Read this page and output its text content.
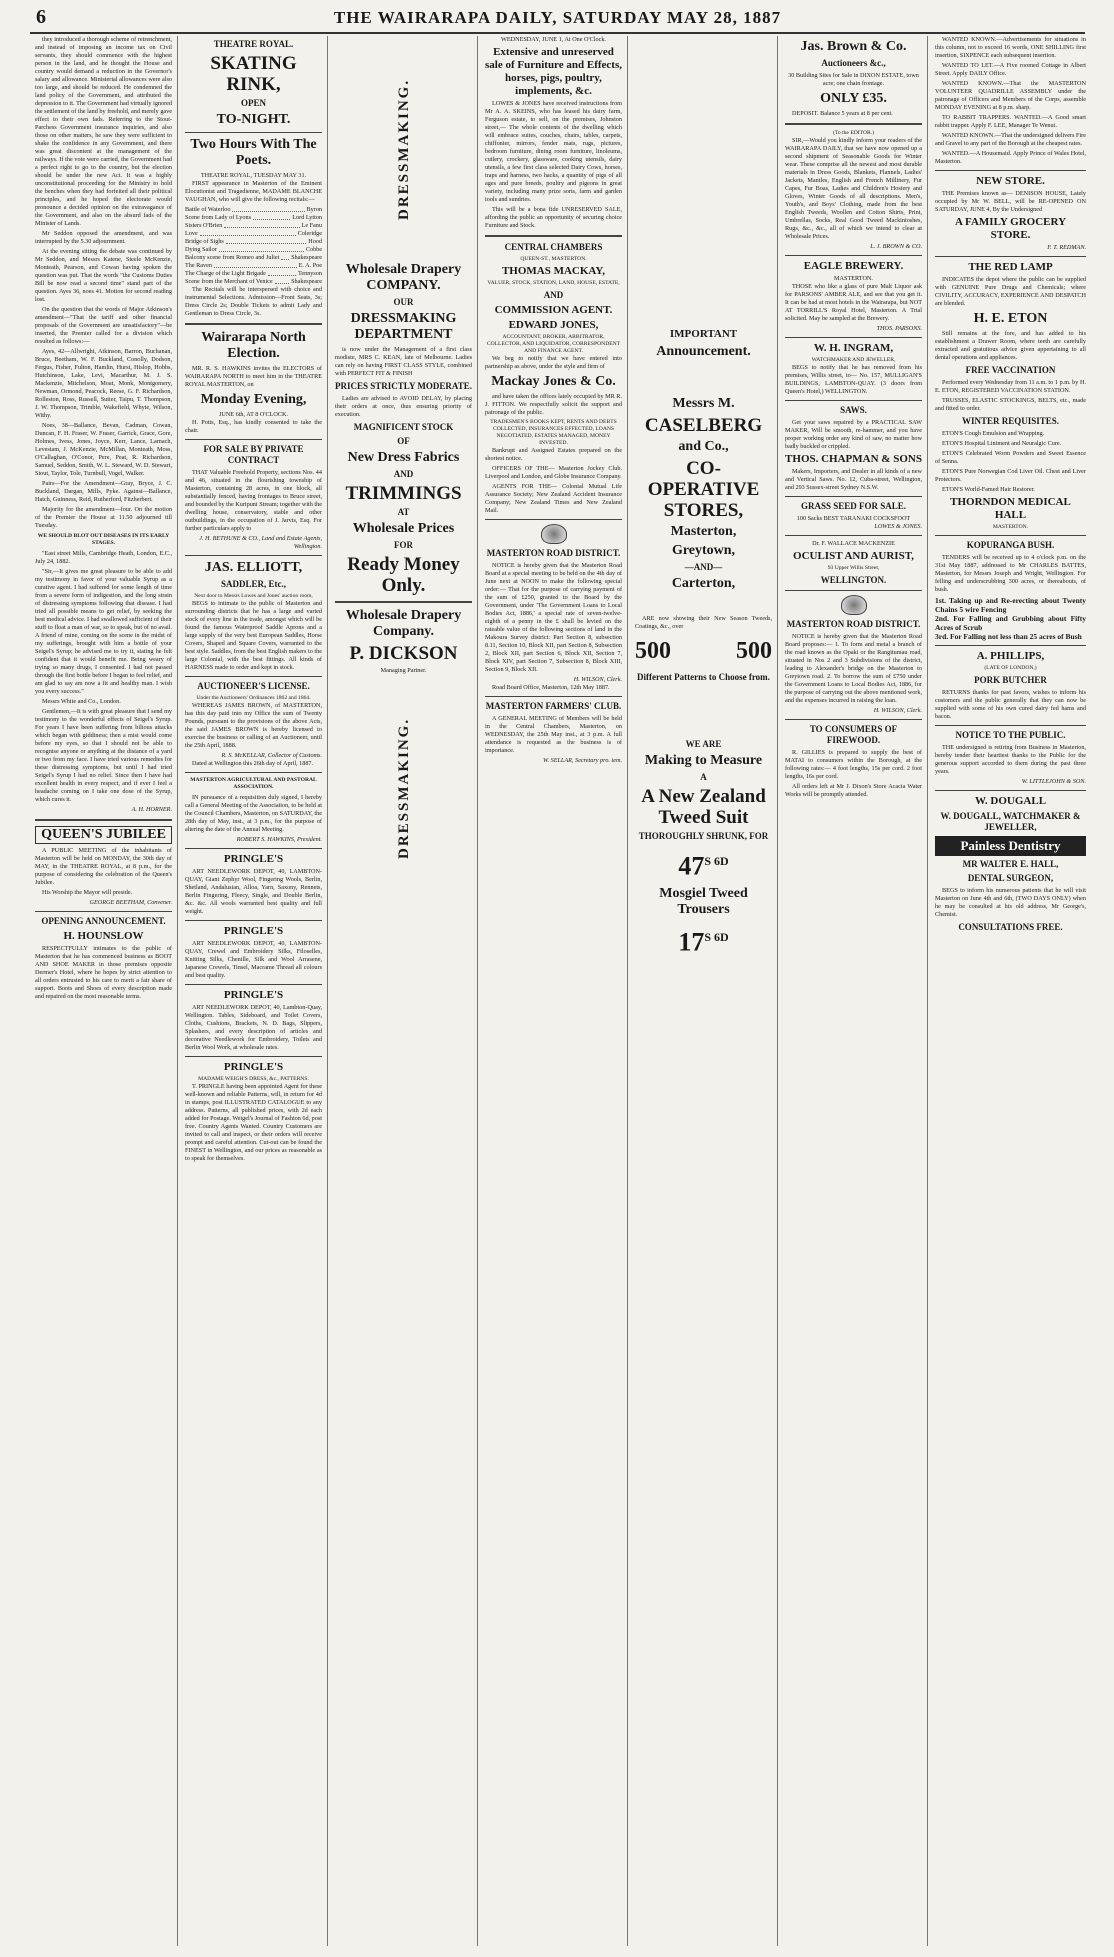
6	THE WAIRARAPA DAILY, SATURDAY MAY 28, 1887

they introduced a thorough scheme of retrenchment, and instead of imposing an income tax on Civil servants, they should commence with the highest person in the land, and he thought the House and country would demand a reduction in the Governor's salary and allowance. Ministerial allowances were also too large, and should be reduced. He condemned the land policy of the Government, and attributed the depression to it. The Government had virtually ignored the settlement of the land by freehold, and merely gave effect to their own fads. Referring to the Stout-Parchess Government insurance inquiries, and also those on other matters, he saw they were sufficient to shake the confidence in any Government, and there was great discontent at the management of the railways. If the vote were carried, the Government had a perfect right to go to the country, but the election should be under the new Act. It was a highly unconstitutional proceeding for the Ministry to hold the benches when they had forfeited all their political principles, and he hoped the electorate would pronounce a decided opinion on the extravagance of the Government, and also on the absurd fads of the Minister of Lands.

Mr Seddon opposed the amendment, and was interrupted by the 5.30 adjournment.

At the evening sitting the debate was continued by Mr Seddon, and Messrs Katene, Steele McKenzie, Monteath, Pearson, and Cowan having spoken the question was put. That the words "the Customs Duties Bill be now read a second time" stand part of the question. Ayes 36, noes 41. Motion for second reading lost.

On the question that the words of Major Atkinson's amendment—"That the tariff and other financial proposals of the Government are unsatisfactory"—be inserted, the Premier called for a division which resulted as follows:—

Ayes, 42—Allwright, Atkinson, Barron, Buchanan, Bruce, Beetham, W. F. Buckland, Conolly, Dodson, Fergus, Fisher, Fulton, Hamlin, Hurst, Hislop, Hobbs, Hutchinson, Lake, Levi, Macarthur, M. J. S. Mackenzie, Mitchelson, Moat, Monk, Montgomery, Newman, Ormond, Peacock, Reese, G. F. Richardson, Rolleston, Ross, Russell, Sutter, Taipu, T. Thompson, J. W. Thompson, Trimble, Wakefield, Whyte, Wilson, Withy.

Noes, 38—Ballance, Bevan, Cadman, Cowan, Duncan, F. H. Fraser, W. Fraser, Garrick, Grace, Gore, Holmes, Ivess, Jones, Joyce, Kerr, Lance, Larnach, Levestam, J. McKenzie, McMillan, Monteath, Moss, O'Callaghan, O'Conor, Pere, Peat, R. Richardson, Samuel, Seddon, Smith, W. L. Steward, W. D. Stewart, Stout, Taylor, Tole, Turnbull, Vogel, Walker.

Pairs—For the Amendment—Gray, Bryce, J. C. Buckland, Dargan, Mills, Pyke. Against—Ballance, Hatch, Guinness, Reid, Rutherford, Fitzherbert.

Majority for the amendment—four. On the motion of the Premier the House at 11.50 adjourned till Tuesday.

WE SHOULD BLOT OUT DISEASES IN ITS EARLY STAGES.

"East street Mills, Cambridge Heath, London, E.C., July 24, 1882.

"Sir,—It gives me great pleasure to be able to add my testimony in favor of your valuable Syrup as a curative agent. I had suffered for some length of time from a severe form of indigestion, and the long strain of distressing symptoms following that disease. I had tried all possible means to get relief, by seeking the best medical advice. I had swallowed sufficient of their stuff to float a man of war, so to speak, but of no avail. A friend of mine, coming on the scene in the midst of my sufferings, brought with him a bottle of your Seigel's Syrup; he advised me to try it, stating he felt confident that it would benefit me. Being weary of trying so many drugs, I consented. I had not passed through the first bottle before I began to feel relief, and am glad to say am now a fit and healthy man. I wish you every success."

Messrs White and Co., London.

Gentlemen,—It is with great pleasure that I send my testimony to the wonderful effects of Seigel's Syrup. For years I have been suffering from bilious attacks which began with giddiness; then a mist would come before my eyes, so that I should not be able to recognise anyone or anything at the distance of a yard or two from my face. I have tried various remedies for these distressing symptoms, but until I had tried Seigel's Syrup I had no relief. Since then I have had excellent health in every respect, and if ever I feel a headache coming on I take one dose of the Syrup, which cures it.

A. H. HORNER.
QUEEN'S JUBILEE

A PUBLIC MEETING of the inhabitants of Masterton will be held on MONDAY, the 30th day of MAY, in the THEATRE ROYAL, at 8 p.m., for the purpose of considering the celebration of the Queen's Jubilee.

His Worship the Mayor will preside.

GEORGE BEETHAM, Convener.
OPENING ANNOUNCEMENT.
H. HOUNSLOW

RESPECTFULLY intimates to the public of Masterton that he has commenced business as BOOT AND SHOE MAKER in those premises opposite Dermer's Hotel, where he hopes by strict attention to all orders entrusted to his care to merit a fair share of support. Boots and Shoes of every description made and repaired on the most reasonable terms.

THEATRE ROYAL.
SKATING RINK,
OPEN
TO-NIGHT.
Two Hours With The Poets.
THEATRE ROYAL, TUESDAY MAY 31.

FIRST appearance in Masterton of the Eminent Elocutionist and Tragedienne, MADAME BLANCHE VAUGHAN, who will give the following recitals:—

Battle of Waterloo	Byron
Scene from Lady of Lyons	Lord Lytton
Sisters O'Brien	Le Fanu
Love	Coleridge
Bridge of Sighs	Hood
Dying Sailor	Cobbe
Balcony scene from Romeo and Juliet Shakespeare
The Raven	E. A. Poe
The Charge of the Light Brigade	Tennyson
Scene from the Merchant of Venice	Shakespeare

The Recitals will be interspersed with choice and instrumental Selections. Admission—Front Seats, 3s; Dress Circle 2s; Double Tickets to admit Lady and Gentleman to Dress Circle, 3s.

Wairarapa North Election.

MR. R. S. HAWKINS invites the ELECTORS of WAIRARAPA NORTH to meet him in the THEATRE ROYAL MASTERTON, on

Monday Evening,
JUNE 6th, AT 8 O'CLOCK.

H. Potts, Esq., has kindly consented to take the chair.

FOR SALE BY PRIVATE CONTRACT

THAT Valuable Freehold Property, sections Nos. 44 and 46, situated in the flourishing township of Masterton, containing 28 acres, in one block, all substantially fenced, having frontages to Bruce street, and bounded by the Kuripuni Stream; together with the dwelling house, conservatory, stable and other outbuildings, in the occupation of J. Jarvis, Esq. For further particulars apply to

J. H. BETHUNE & CO., Land and Estate Agents, Wellington.
JAS. ELLIOTT,
SADDLER, Etc.,
Next door to Messrs Lowes and Jones' auction room,

BEGS to intimate to the public of Masterton and surrounding districts that he has a large and varied stock of every line in the trade, amongst which will be found the famous Waterproof Saddle Aprons and a large supply of the very best European Saddles, Horse Covers, Shaped and Square Covers, warranted to the best style. Saddles, from the best English makers to the large Colonial, with the best fittings. All kinds of HARNESS made to order and kept in stock.

AUCTIONEER'S LICENSE.
Under the Auctioneers' Ordinances 1862 and 1864.

WHEREAS JAMES BROWN, of MASTERTON, has this day paid into my Office the sum of Twenty Pounds, pursuant to the provisions of the above Acts, the said JAMES BROWN is hereby licensed to exercise the business or calling of an Auctioneer, until the 25th April, 1888.

R. S. McKELLAR, Collector of Customs.

Dated at Wellington this 26th day of April, 1887.

MASTERTON AGRICULTURAL AND PASTORAL ASSOCIATION.

IN pursuance of a requisition duly signed, I hereby call a General Meeting of the Association, to be held at the Council Chambers, Masterton, on SATURDAY, the 28th day of May, inst., at 3 p.m., for the purpose of altering the date of the Annual Meeting.

ROBERT S. HAWKINS, President.
PRINGLE'S

ART NEEDLEWORK DEPOT, 40, LAMBTON-QUAY, Giant Zephyr Wool, Fingering Wools, Berlin, Shetland, Andalusian, Alloa, Yarn, Saxony, Rennets, Berlin Fingering, Fleecy, Single, and Double Berlin, &c. &c. All wools warranted best quality and full weight.

PRINGLE'S

ART NEEDLEWORK DEPOT, 40, LAMBTON-QUAY, Crewel and Embroidery Silks, Filoselles, Knitting Silks, Chenille, Silk and Wool Arrasene, Japanese Crewels, Tinsel, Macrame Thread all colours and best quality.

PRINGLE'S

ART NEEDLEWORK DEPOT, 40, Lambton-Quay, Wellington. Tables, Sideboard, and Toilet Covers, Cloths, Cushions, Brackets, N. D. Bags, Slippers, Splashers, and every description of articles and decorative Needlework for Embroidery, Toilets and Berlin Wool Work, at wholesale rates.

PRINGLE'S
MADAME WEIGH'S DRESS, &c., PATTERNS.

T. PRINGLE having been appointed Agent for these well-known and reliable Patterns, will, in return for 4d in stamps, post ILLUSTRATED CATALOGUE to any address. Patterns, all published prices, with 2d each added for Postage. Weigel's Journal of Fashion 6d, post free. Country Agents Wanted. Country Customers are invited to call and inspect, or their orders will receive prompt and careful attention. Cut-out can be found the FINEST in Wellington, and our prices as reasonable as to speak for themselves.

DRESSMAKING.
Wholesale Drapery COMPANY.
OUR
DRESSMAKING DEPARTMENT

is now under the Management of a first class modiste, MRS C. KEAN, late of Melbourne. Ladies can rely on having FIRST CLASS STYLE, combined with PERFECT FIT & FINISH

PRICES STRICTLY MODERATE.

Ladies are advised to AVOID DELAY, by placing their orders at once, thus ensuring priority of execution.

MAGNIFICENT STOCK
OF
New Dress Fabrics
AND
TRIMMINGS
AT
Wholesale Prices
FOR
Ready Money Only.
Wholesale Drapery Company.
P. DICKSON
Managing Partner.
DRESSMAKING.
WEDNESDAY, JUNE 1, At One O'Clock.
Extensive and unreserved sale of Furniture and Effects, horses, pigs, poultry, implements, &c.

LOWES & JONES have received instructions from Mr A. A. SKEINS, who has leased his dairy farm, Ferguson estate, to sell, on the premises, Johnston street,— The whole contents of the dwelling which will embrace suites, couches, chairs, tables, carpets, chiffonier, mirrors, fender mats, rugs, pictures, bedroom furniture, dining room furniture, linoleums, cutlery, crockery, glassware, cooking utensils, dairy utensils, a few first class selected Dairy Cows, horses, traps and harness, two hacks, a quantity of pigs of all ages and pure breeds, poultry and pigeons in great variety, including many prize sorts, farm and garden tools and sundries.

This will be a bona fide UNRESERVED SALE, affording the public an opportunity of securing choice Furniture and Stock.

CENTRAL CHAMBERS
QUEEN-ST., MASTERTON.
THOMAS MACKAY,
VALUER, STOCK, STATION, LAND, HOUSE, ESTATE,
AND
COMMISSION AGENT.
EDWARD JONES,
ACCOUNTANT, BROKER, ARBITRATOR, COLLECTOR, AND LIQUIDATOR, CORRESPONDENT AND FINANCE AGENT.

We beg to notify that we have entered into partnership as above, under the style and firm of

Mackay Jones & Co.

and have taken the offices lately occupied by MR R. J. FITTON. We respectfully solicit the support and patronage of the public.

TRADESMEN'S BOOKS KEPT, RENTS AND DEBTS COLLECTED, INSURANCES EFFECTED, LOANS NEGOTIATED, ESTATES MANAGED, MONEY INVESTED.

Bankrupt and Assigned Estates prepared on the shortest notice.

OFFICERS OF THE— Masterton Jockey Club. Liverpool and London, and Globe Insurance Company.

AGENTS FOR THE— Colonial Mutual Life Assurance Society; New Zealand Accident Insurance Company; New Zealand Times and New Zealand Mail.

MASTERTON ROAD DISTRICT.

NOTICE is hereby given that the Masterton Road Board at a special meeting to be held on the 4th day of June next at NOON to make the following special order:— That for the purpose of carrying payment of the sum of £250, granted to the Board by the Government, under 'The Government Loans to Local Bodies Act, 1886,' a special rate of seven-twelve-eighth of a penny in the £ shall be levied on the rateable value of the following sections of land in the Makoura Survey district: Part Section 8, subsection 8.11, Section 10, Block XII, part Section 8, Subsection 2, Block XII, part Section 6, Block XII, Section 7, Block XIV, part Section 7, Subsection 8, Block XIII, Section 9, Block XII.

H. WILSON, Clerk.

Road Board Office, Masterton, 12th May 1887.

MASTERTON FARMERS' CLUB.

A GENERAL MEETING of Members will be held in the Central Chambers, Masterton, on WEDNESDAY, the 25th May inst., at 3 p.m. A full attendance is requested as the business is of importance.

W. SELLAR, Secretary pro. tem.
IMPORTANT
Announcement.
Messrs M.
CASELBERG
and Co.,
CO-OPERATIVE STORES,
Masterton,
Greytown,
—AND—
Carterton,

ARE now showing their New Season Tweeds, Coatings, &c., over

500	500
Different Patterns to Choose from.
WE ARE
Making to Measure
A
A New Zealand Tweed Suit
THOROUGHLY SHRUNK, FOR
$47^{S 6D}$
Mosgiel Tweed Trousers
$17^{S 6D}$
Jas. Brown & Co.
Auctioneers &c.,
30 Building Sites for Sale in DIXON ESTATE, town acre; one chain frontage.
ONLY £35.

DEPOSIT. Balance 5 years at 8 per cent.

(To the EDITOR.)

SIR,—Would you kindly inform your readers of the WAIRARAPA DAILY, that we have now opened up a second shipment of Seasonable Goods for Winter wear. These comprise all the newest and most durable materials in Dress Goods, Blankets, Flannels, Ladies' Jackets, Mantles, English and French Millinery, Fur Capes, Fur Boas, Ladies and Children's Hosiery and Gloves, Winter Goods of all descriptions. Men's, Youth's, and Boys' Clothing, made from the best English Tweeds, Woollen and Cotton Shirts, Print, Umbrellas, Socks, Real Good Tweed Mackintoshes, Rugs, &c., &c., all of which we intend to clear at Wholesale Prices.

L. J. BROWN & CO.
EAGLE BREWERY.
MASTERTON.

THOSE who like a glass of pure Malt Liquor ask for PARSONS' AMBER ALE, and see that you get it. It can be had at most hotels in the Wairarapa, but NOT AT TORRILL'S Royal Hotel, Masterton. A Trial solicited. May be sampled at the Brewery.

THOS. PARSONS.
W. H. INGRAM,
WATCHMAKER AND JEWELLER,

BEGS to notify that he has removed from his premises, Willis street, to— No. 157, MULLIGAN'S BUILDINGS, LAMBTON-QUAY. (3 doors from Queen's Hotel,) WELLINGTON.

SAWS.

Get your saws repaired by a PRACTICAL SAW MAKER, Will be smooth, re-hammer, and you have proper working order any kind of saw, no matter how badly buckled or crippled.

THOS. CHAPMAN & SONS

Makers, Importers, and Dealer in all kinds of a new and Vertical Saws. No. 12, Cuba-street, Wellington, and 293 Sussex-street Sydney N.S.W.

GRASS SEED FOR SALE.
100 Sacks BEST TARANAKI COCKSFOOT
LOWES & JONES.
Dr. F. WALLACE MACKENZIE
OCULIST AND AURIST,
93 Upper Willis Street,
WELLINGTON.
MASTERTON ROAD DISTRICT.

NOTICE is hereby given that the Masterton Road Board proposes:— 1. To form and metal a branch of the road known as the Opaki or the Rangitumau road, situated in Nos 2 and 3 Subdivisions of the district, leading to Alexander's bridge on the Masterton to Greytown road. 2. To borrow the sum of £750 under the Government Loans to Local Bodies Act, 1886, for the purpose of carrying out the above mentioned work, and the expenses incurred in raising the loan.

H. WILSON, Clerk.
TO CONSUMERS OF FIREWOOD.

R. GILLIES is prepared to supply the best of MATAI to consumers within the Borough, at the following rates:— 4 foot lengths, 15s per cord. 2 foot lengths, 16s per cord.

All orders left at Mr J. Dixon's Store Acacia Water Works will be promptly attended.

WANTED KNOWN.—Advertisements for situations in this column, not to exceed 16 words, ONE SHILLING first insertion, SIXPENCE each subsequent insertion.

WANTED TO LET.—A Five roomed Cottage in Albert Street. Apply DAILY Office.

WANTED KNOWN.—That the MASTERTON VOLUNTEER QUADRILLE ASSEMBLY under the patronage of Officers and Members of the Corps, assemble MONDAY EVENING at 8 p.m. sharp.

TO RABBIT TRAPPERS. WANTED.—A Good smart rabbit trapper. Apply F. LEE, Manager Te Wenui.

WANTED KNOWN.—That the undersigned delivers Fire and Gravel to any part of the Borough at the cheapest rates.

WANTED.—A Housemaid. Apply Prince of Wales Hotel, Masterton.

NEW STORE.

THE Premises known as— DENISON HOUSE, Lately occupied by Mr W. BELL, will be RE-OPENED ON SATURDAY, JUNE 4, By the Undersigned

A FAMILY GROCERY STORE.
F. T. REDMAN.
THE RED LAMP

INDICATES the depot where the public can be supplied with GENUINE Pure Drugs and Chemicals; where CIVILITY, ACCURACY, EXPERIENCE AND DESPATCH are blended.

H. E. ETON

Still remains at the fore, and has added to his establishment a Drawer Room, where teeth are carefully extracted and gratuitous advice given appertaining to all dental operations and appliances.

FREE VACCINATION

Performed every Wednesday from 11 a.m. to 1 p.m. by H. E. ETON, REGISTERED VACCINATION STATION.

TRUSSES, ELASTIC STOCKINGS, BELTS, etc., made and fitted to order.

WINTER REQUISITES.

ETON'S Cough Emulsion and Wrapping.

ETON'S Hospital Liniment and Neuralgic Cure.

ETON'S Celebrated Worm Powders and Sweet Essence of Senna.

ETON'S Pure Norwegian Cod Liver Oil. Chest and Liver Protectors.

ETON'S World-Famed Hair Restorer.

THORNDON MEDICAL HALL
MASTERTON.
KOPURANGA BUSH.

TENDERS will be received up to 4 o'clock p.m. on the 31st May 1887, addressed to Mr CHARLES BATTES, Masterton, for Messrs Joseph and Wright, Wellington. For felling and underscrubbing 300 acres, or thereabouts, of bush.

1st. Taking up and Re-erecting about Twenty Chains 5 wire Fencing
2nd. For Falling and Grubbing about Fifty Acres of Scrub
3rd. For Falling not less than 25 acres of Bush
A. PHILLIPS,
(LATE OF LONDON,)
PORK BUTCHER

RETURNS thanks for past favors, wishes to inform his customers and the public generally that they can now be supplied with some of his own cured dairy fed hams and bacon.

NOTICE TO THE PUBLIC.

THE undersigned is retiring from Business in Masterton, hereby tender their heartiest thanks to the Public for the generous support accorded to them during the past three years.

W. LITTLEJOHN & SON.
W. DOUGALL
W. DOUGALL, WATCHMAKER & JEWELLER,
Painless Dentistry
MR WALTER E. HALL,
DENTAL SURGEON,

BEGS to inform his numerous patients that he will visit Masterton on June 4th and 6th, (TWO DAYS ONLY) when he may be consulted at his old address, Mr George's, Chemist.

CONSULTATIONS FREE.
